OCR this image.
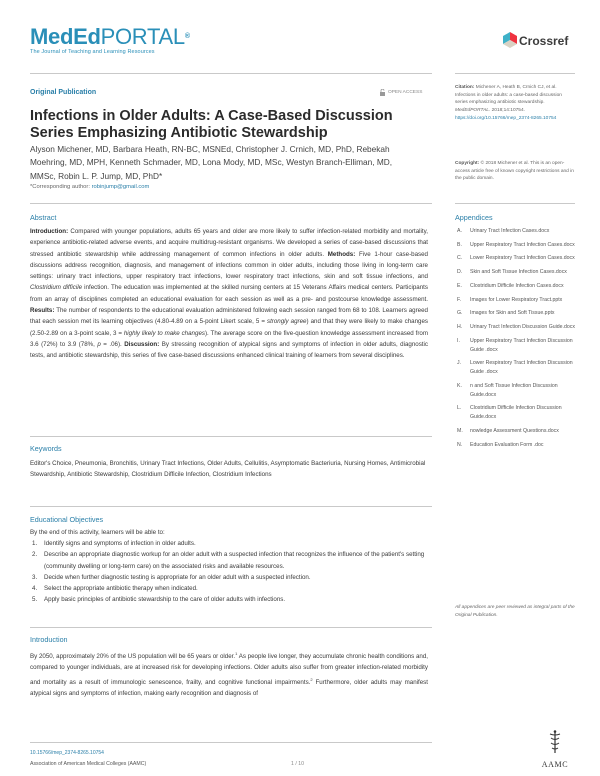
MedEdPORTAL®
The Journal of Teaching and Learning Resources
Crossref
Original Publication	OPEN ACCESS
Infections in Older Adults: A Case-Based Discussion Series Emphasizing Antibiotic Stewardship
Alyson Michener, MD, Barbara Heath, RN-BC, MSNEd, Christopher J. Crnich, MD, PhD, Rebekah
Moehring, MD, MPH, Kenneth Schmader, MD, Lona Mody, MD, MSc, Westyn Branch-Elliman, MD,
MMSc, Robin L. P. Jump, MD, PhD*
*Corresponding author: robinjump@gmail.com
Abstract
Introduction: Compared with younger populations, adults 65 years and older are more likely to suffer infection-related morbidity and mortality, experience antibiotic-related adverse events, and acquire multidrug-resistant organisms. We developed a series of case-based discussions that stressed antibiotic stewardship while addressing management of common infections in older adults. Methods: Five 1-hour case-based discussions address recognition, diagnosis, and management of infections common in older adults, including those living in long-term care settings: urinary tract infections, upper respiratory tract infections, lower respiratory tract infections, skin and soft tissue infections, and Clostridium difficile infection. The education was implemented at the skilled nursing centers at 15 Veterans Affairs medical centers. Participants from an array of disciplines completed an educational evaluation for each session as well as a pre- and postcourse knowledge assessment. Results: The number of respondents to the educational evaluation administered following each session ranged from 68 to 108. Learners agreed that each session met its learning objectives (4.80-4.89 on a 5-point Likert scale, 5 = strongly agree) and that they were likely to make changes (2.50-2.89 on a 3-point scale, 3 = highly likely to make changes). The average score on the five-question knowledge assessment increased from 3.6 (72%) to 3.9 (78%, p = .06). Discussion: By stressing recognition of atypical signs and symptoms of infection in older adults, diagnostic tests, and antibiotic stewardship, this series of five case-based discussions enhanced clinical training of learners from several disciplines.
Keywords
Editor's Choice, Pneumonia, Bronchitis, Urinary Tract Infections, Older Adults, Cellulitis, Asymptomatic Bacteriuria, Nursing Homes, Antimicrobial Stewardship, Antibiotic Stewardship, Clostridium Difficile Infection, Clostridium Infections
Educational Objectives
By the end of this activity, learners will be able to:
1.	Identify signs and symptoms of infection in older adults.
2.	Describe an appropriate diagnostic workup for an older adult with a suspected infection that recognizes the influence of the patient's setting (community dwelling or long-term care) on the associated risks and available resources.
3.	Decide when further diagnostic testing is appropriate for an older adult with a suspected infection.
4.	Select the appropriate antibiotic therapy when indicated.
5.	Apply basic principles of antibiotic stewardship to the care of older adults with infections.
Introduction
By 2050, approximately 20% of the US population will be 65 years or older.$^1$ As people live longer, they accumulate chronic health conditions and, compared to younger individuals, are at increased risk for developing infections. Older adults also suffer from greater infection-related morbidity and mortality as a result of immunologic senescence, frailty, and cognitive functional impairments.$^2$ Furthermore, older adults may manifest atypical signs and symptoms of infection, making early recognition and diagnosis of
Citation: Michener A, Heath B, Crnich CJ, et al. Infections in older adults: a case-based discussion series emphasizing antibiotic stewardship. MedEdPORTAL. 2018;14:10754. https://doi.org/10.15766/mep_2374-8265.10754
Copyright: © 2018 Michener et al. This is an open-access article free of known copyright restrictions and in the public domain.
Appendices
A.	Urinary Tract Infection Cases.docx
B.	Upper Respiratory Tract Infection Cases.docx
C.	Lower Respiratory Tract Infection Cases.docx
D.	Skin and Soft Tissue Infection Cases.docx
E.	Clostridium Difficile Infection Cases.docx
F.	Images for Lower Respiratory Tract.pptx
G.	Images for Skin and Soft Tissue.pptx
H.	Urinary Tract Infection Discussion Guide.docx
I.	Upper Respiratory Tract Infection Discussion Guide .docx
J.	Lower Respiratory Tract Infection Discussion Guide .docx
K.	n and Soft Tissue Infection Discussion Guide.docx
L.	Clostridium Difficile Infection Discussion Guide.docx
M.	nowledge Assessment Questions.docx
N.	Education Evaluation Form .doc
All appendices are peer reviewed as integral parts of the Original Publication.
10.15766/mep_2374-8265.10754
Association of American Medical Colleges (AAMC)	1 / 10	AAMC
